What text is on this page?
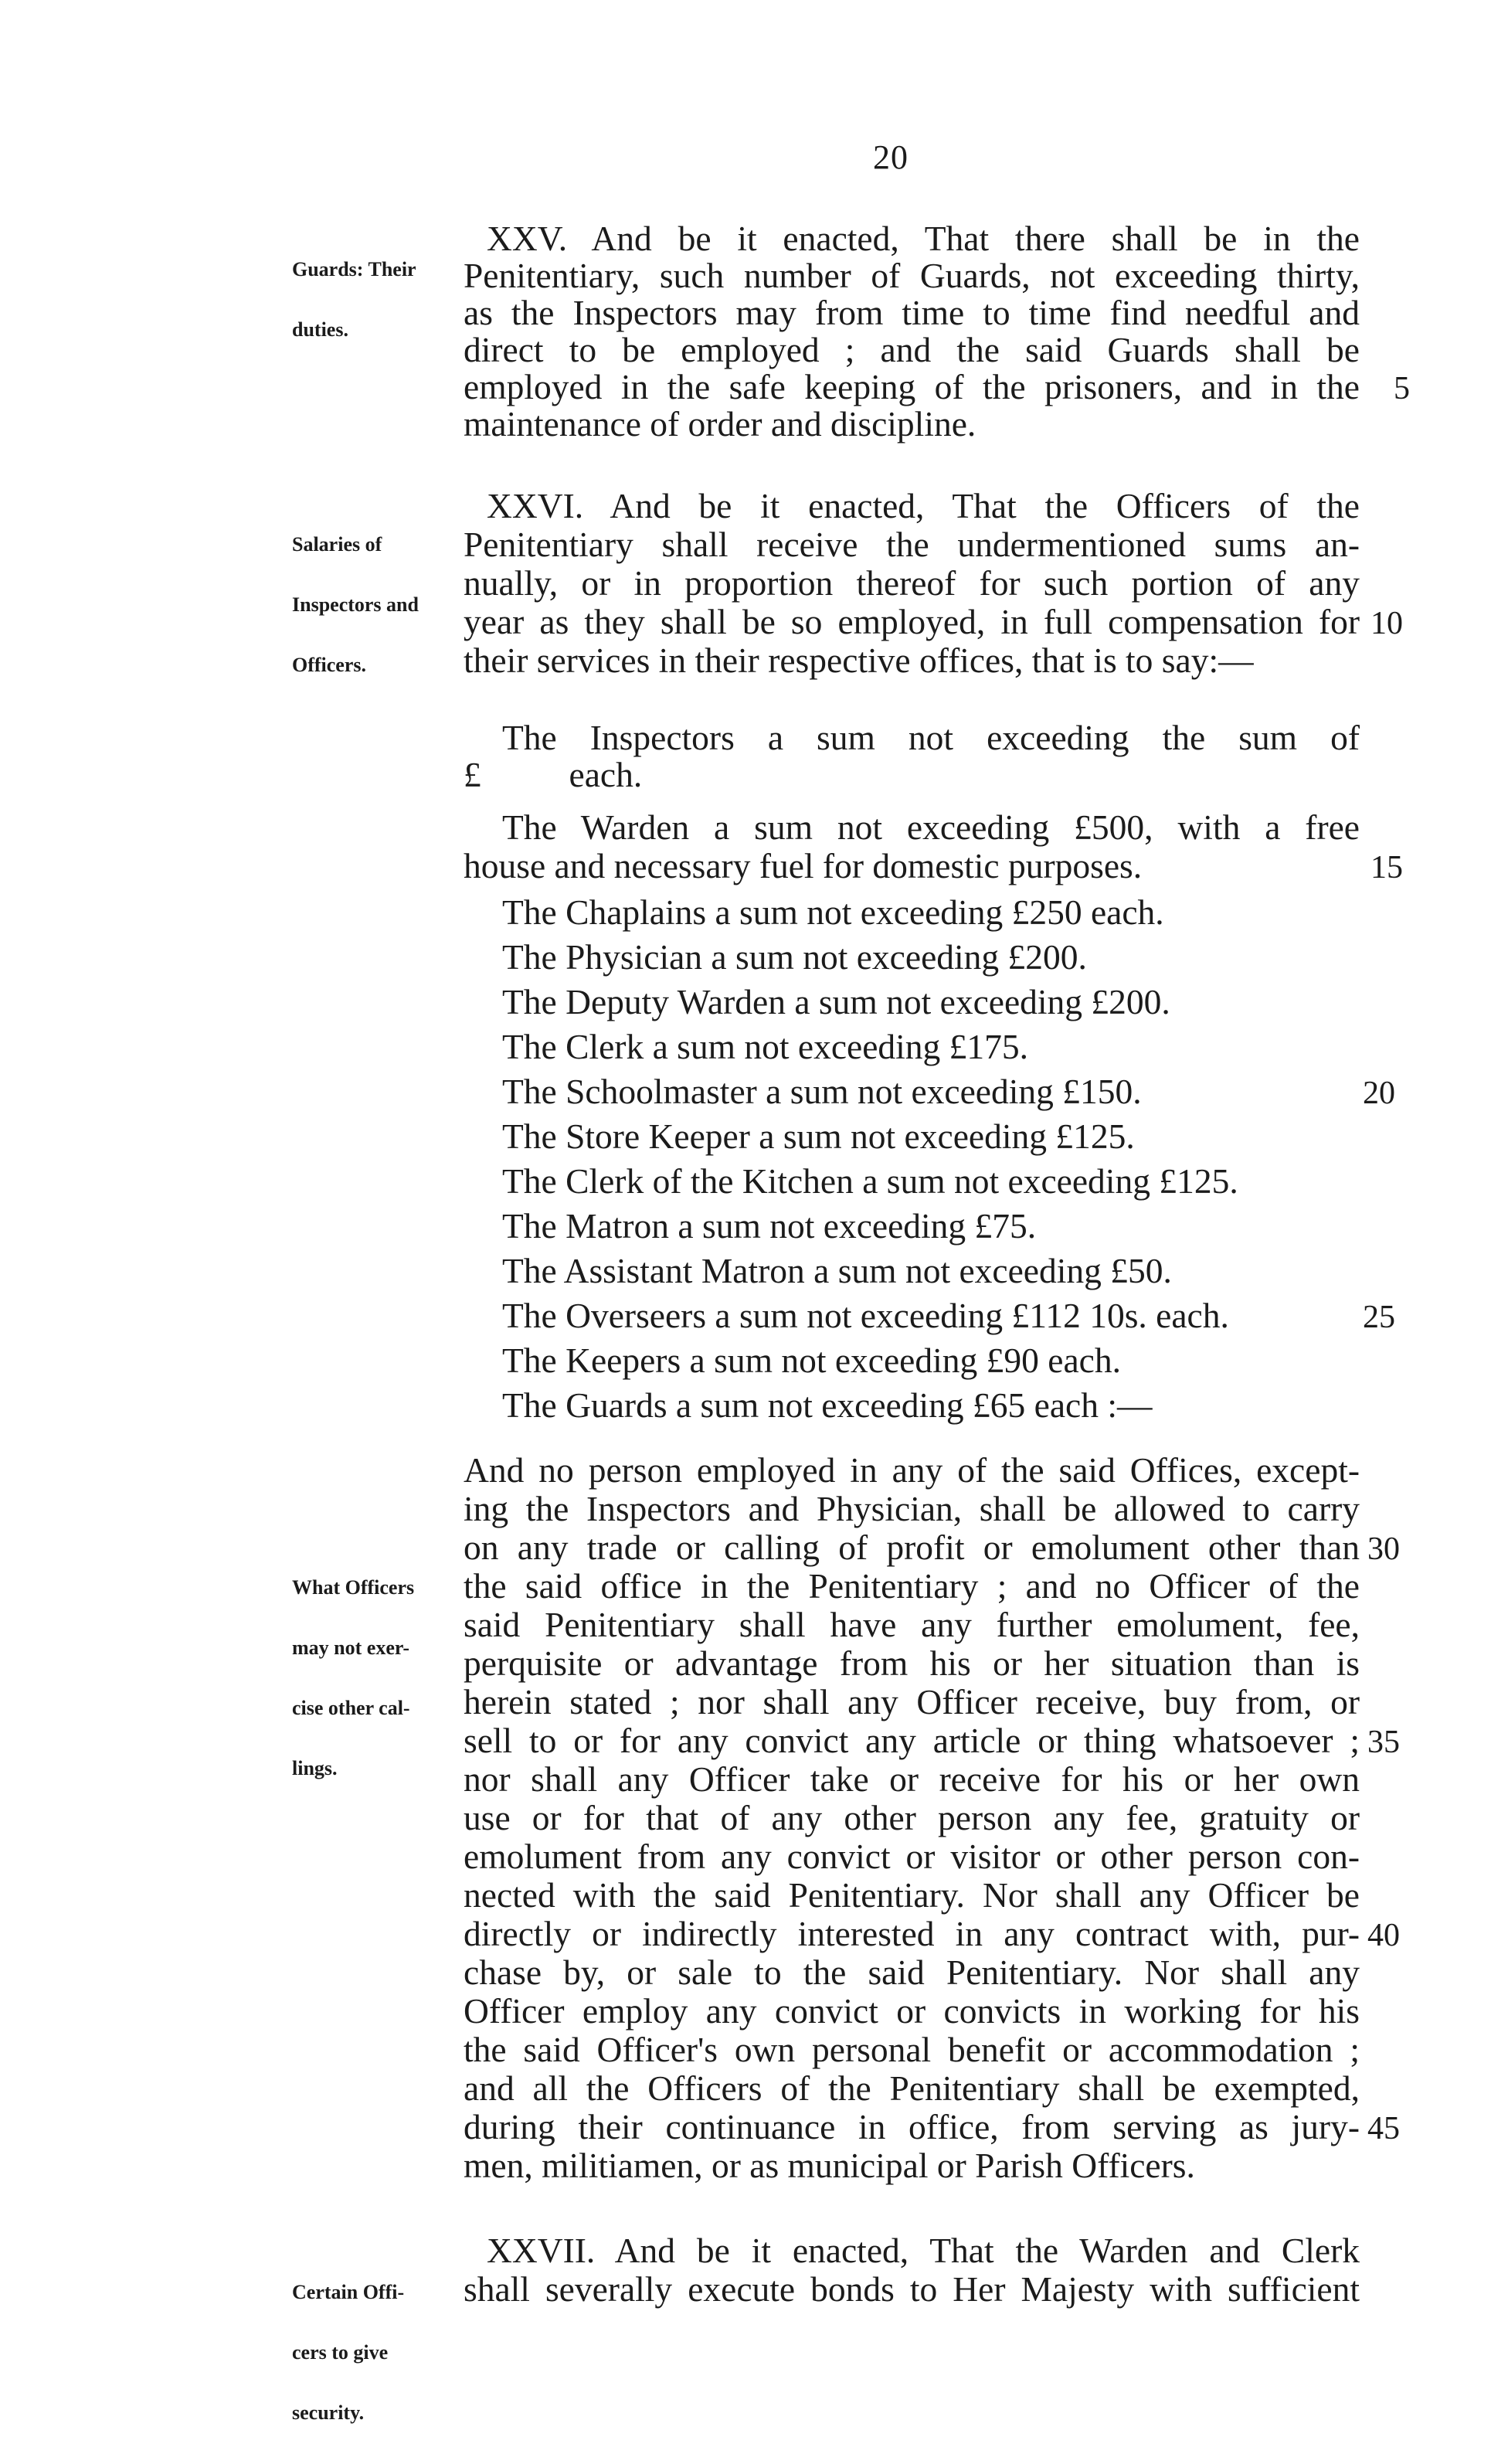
20

Guards: Their

duties.

XXV. And be it enacted, That there shall be in the
Penitentiary, such number of Guards, not exceeding thirty,
as the Inspectors may from time to time find needful and
direct to be employed ; and the said Guards shall be
employed in the safe keeping of the prisoners, and in the
maintenance of order and discipline.

Salaries of

Inspectors and

Officers.

XXVI. And be it enacted, That the Officers of the
Penitentiary shall receive the undermentioned sums an-
nually, or in proportion thereof for such portion of any
year as they shall be so employed, in full compensation for
their services in their respective offices, that is to say:—
The Inspectors a sum not exceeding the sum of
£          each.
The Warden a sum not exceeding £500, with a free
house and necessary fuel for domestic purposes.
The Chaplains a sum not exceeding £250 each.
The Physician a sum not exceeding £200.
The Deputy Warden a sum not exceeding £200.
The Clerk a sum not exceeding £175.
The Schoolmaster a sum not exceeding £150.
The Store Keeper a sum not exceeding £125.
The Clerk of the Kitchen a sum not exceeding £125.
The Matron a sum not exceeding £75.
The Assistant Matron a sum not exceeding £50.
The Overseers a sum not exceeding £112 10s. each.
The Keepers a sum not exceeding £90 each.
The Guards a sum not exceeding £65 each :—

What Officers

may not exer-

cise other cal-

lings.

And no person employed in any of the said Offices, except-
ing the Inspectors and Physician, shall be allowed to carry
on any trade or calling of profit or emolument other than
the said office in the Penitentiary ; and no Officer of the
said Penitentiary shall have any further emolument, fee,
perquisite or advantage from his or her situation than is
herein stated ; nor shall any Officer receive, buy from, or
sell to or for any convict any article or thing whatsoever ;
nor shall any Officer take or receive for his or her own
use or for that of any other person any fee, gratuity or
emolument from any convict or visitor or other person con-
nected with the said Penitentiary. Nor shall any Officer be
directly or indirectly interested in any contract with, pur-
chase by, or sale to the said Penitentiary. Nor shall any
Officer employ any convict or convicts in working for his
the said Officer's own personal benefit or accommodation ;
and all the Officers of the Penitentiary shall be exempted,
during their continuance in office, from serving as jury-
men, militiamen, or as municipal or Parish Officers.

Certain Offi-

cers to give

security.

XXVII. And be it enacted, That the Warden and Clerk
shall severally execute bonds to Her Majesty with sufficient
5
10
15
20
25
30
35
40
45
